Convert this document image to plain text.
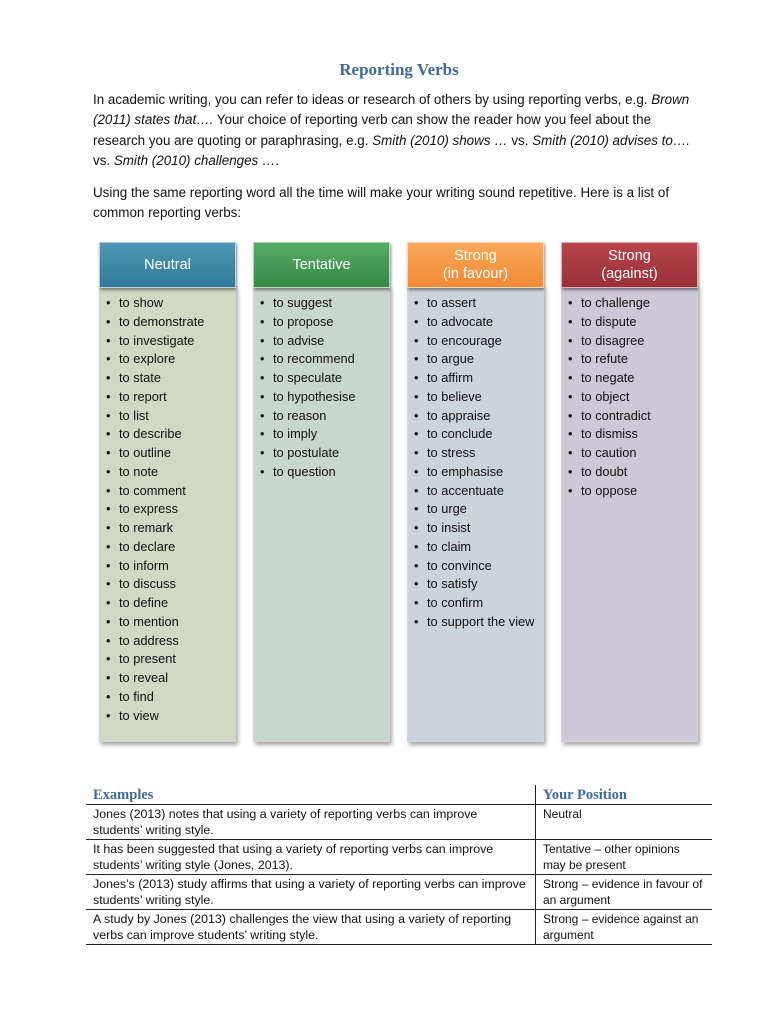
Reporting Verbs
In academic writing, you can refer to ideas or research of others by using reporting verbs, e.g. Brown (2011) states that…. Your choice of reporting verb can show the reader how you feel about the research you are quoting or paraphrasing, e.g. Smith (2010) shows … vs. Smith (2010) advises to…. vs. Smith (2010) challenges ….
Using the same reporting word all the time will make your writing sound repetitive. Here is a list of common reporting verbs:
Neutral
• to show
• to demonstrate
• to investigate
• to explore
• to state
• to report
• to list
• to describe
• to outline
• to note
• to comment
• to express
• to remark
• to declare
• to inform
• to discuss
• to define
• to mention
• to address
• to present
• to reveal
• to find
• to view
Tentative
• to suggest
• to propose
• to advise
• to recommend
• to speculate
• to hypothesise
• to reason
• to imply
• to postulate
• to question
Strong
(in favour)
• to assert
• to advocate
• to encourage
• to argue
• to affirm
• to believe
• to appraise
• to conclude
• to stress
• to emphasise
• to accentuate
• to urge
• to insist
• to claim
• to convince
• to satisfy
• to confirm
• to support the view
Strong
(against)
• to challenge
• to dispute
• to disagree
• to refute
• to negate
• to object
• to contradict
• to dismiss
• to caution
• to doubt
• to oppose
Examples	Your Position
Jones (2013) notes that using a variety of reporting verbs can improve students’ writing style.	Neutral
It has been suggested that using a variety of reporting verbs can improve students’ writing style (Jones, 2013).	Tentative – other opinions may be present
Jones’s (2013) study affirms that using a variety of reporting verbs can improve students’ writing style.	Strong – evidence in favour of an argument
A study by Jones (2013) challenges the view that using a variety of reporting verbs can improve students’ writing style.	Strong – evidence against an argument
